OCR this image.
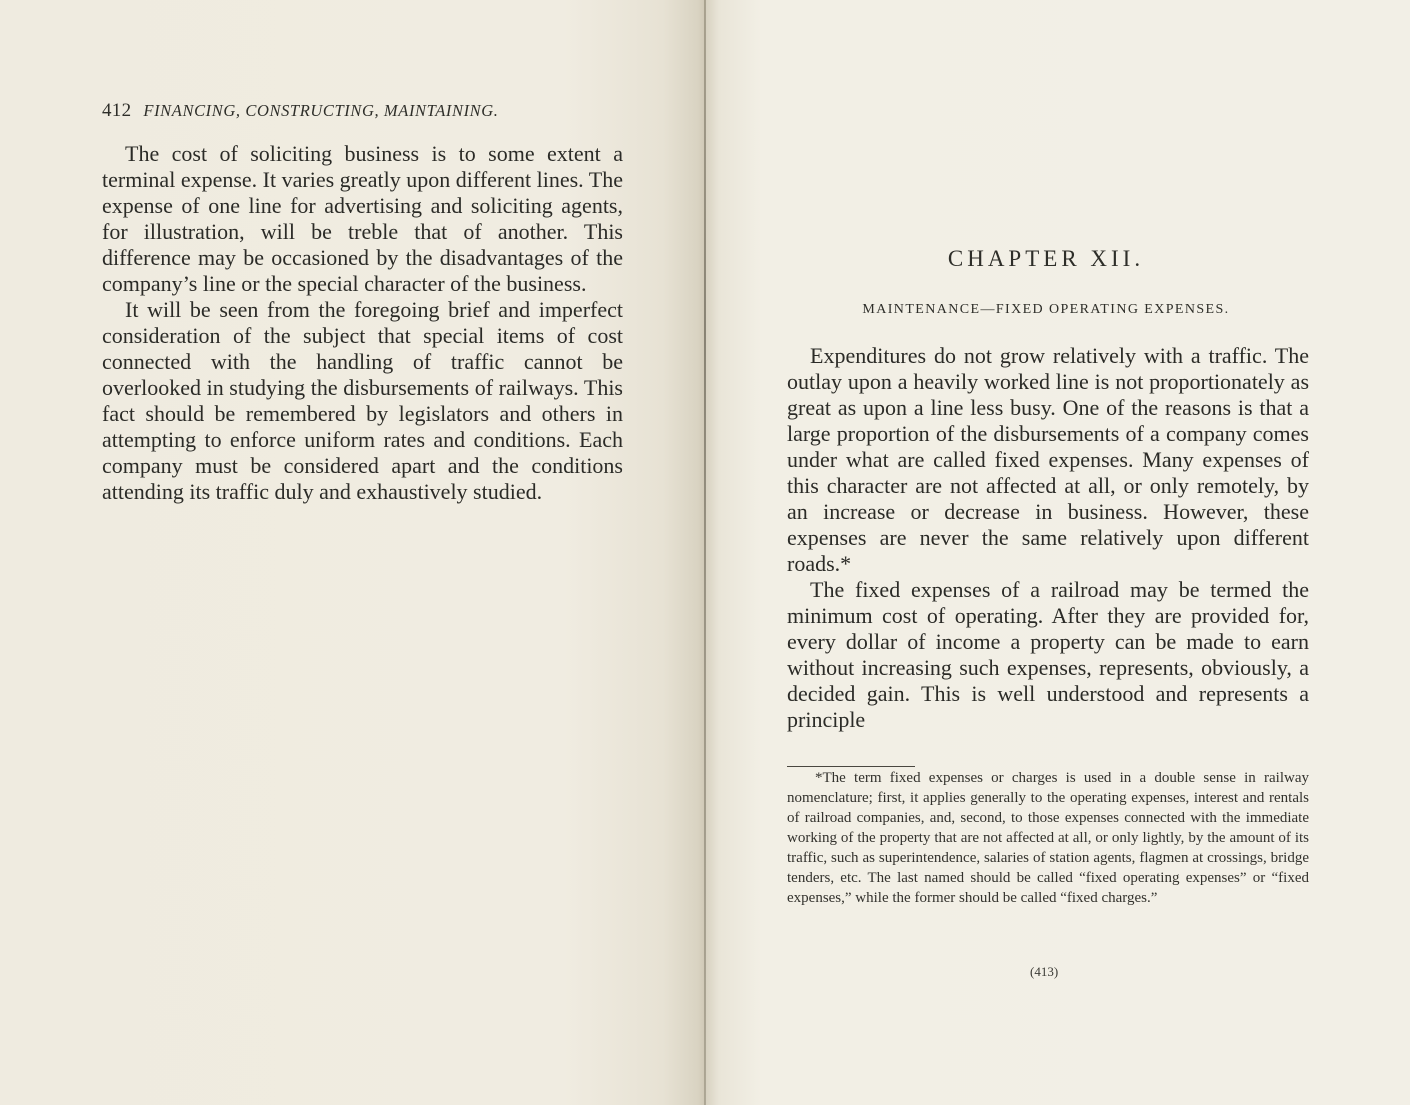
412 FINANCING, CONSTRUCTING, MAINTAINING.

The cost of soliciting business is to some extent a terminal expense. It varies greatly upon different lines. The expense of one line for advertising and soliciting agents, for illustration, will be treble that of another. This difference may be occasioned by the disadvantages of the company’s line or the special character of the business.

It will be seen from the foregoing brief and imperfect consideration of the subject that special items of cost connected with the handling of traffic cannot be overlooked in studying the disbursements of railways. This fact should be remembered by legislators and others in attempting to enforce uniform rates and conditions. Each company must be considered apart and the conditions attending its traffic duly and exhaustively studied.

CHAPTER XII.
MAINTENANCE—FIXED OPERATING EXPENSES.

Expenditures do not grow relatively with a traffic. The outlay upon a heavily worked line is not proportionately as great as upon a line less busy. One of the reasons is that a large proportion of the disbursements of a company comes under what are called fixed expenses. Many expenses of this character are not affected at all, or only remotely, by an increase or decrease in business. However, these expenses are never the same relatively upon different roads.*

The fixed expenses of a railroad may be termed the minimum cost of operating. After they are provided for, every dollar of income a property can be made to earn without increasing such expenses, represents, obviously, a decided gain. This is well understood and represents a principle

*The term fixed expenses or charges is used in a double sense in railway nomenclature; first, it applies generally to the operating expenses, interest and rentals of railroad companies, and, second, to those expenses connected with the immediate working of the property that are not affected at all, or only lightly, by the amount of its traffic, such as superintendence, salaries of station agents, flagmen at crossings, bridge tenders, etc. The last named should be called “fixed operating expenses” or “fixed expenses,” while the former should be called “fixed charges.”

(413)
